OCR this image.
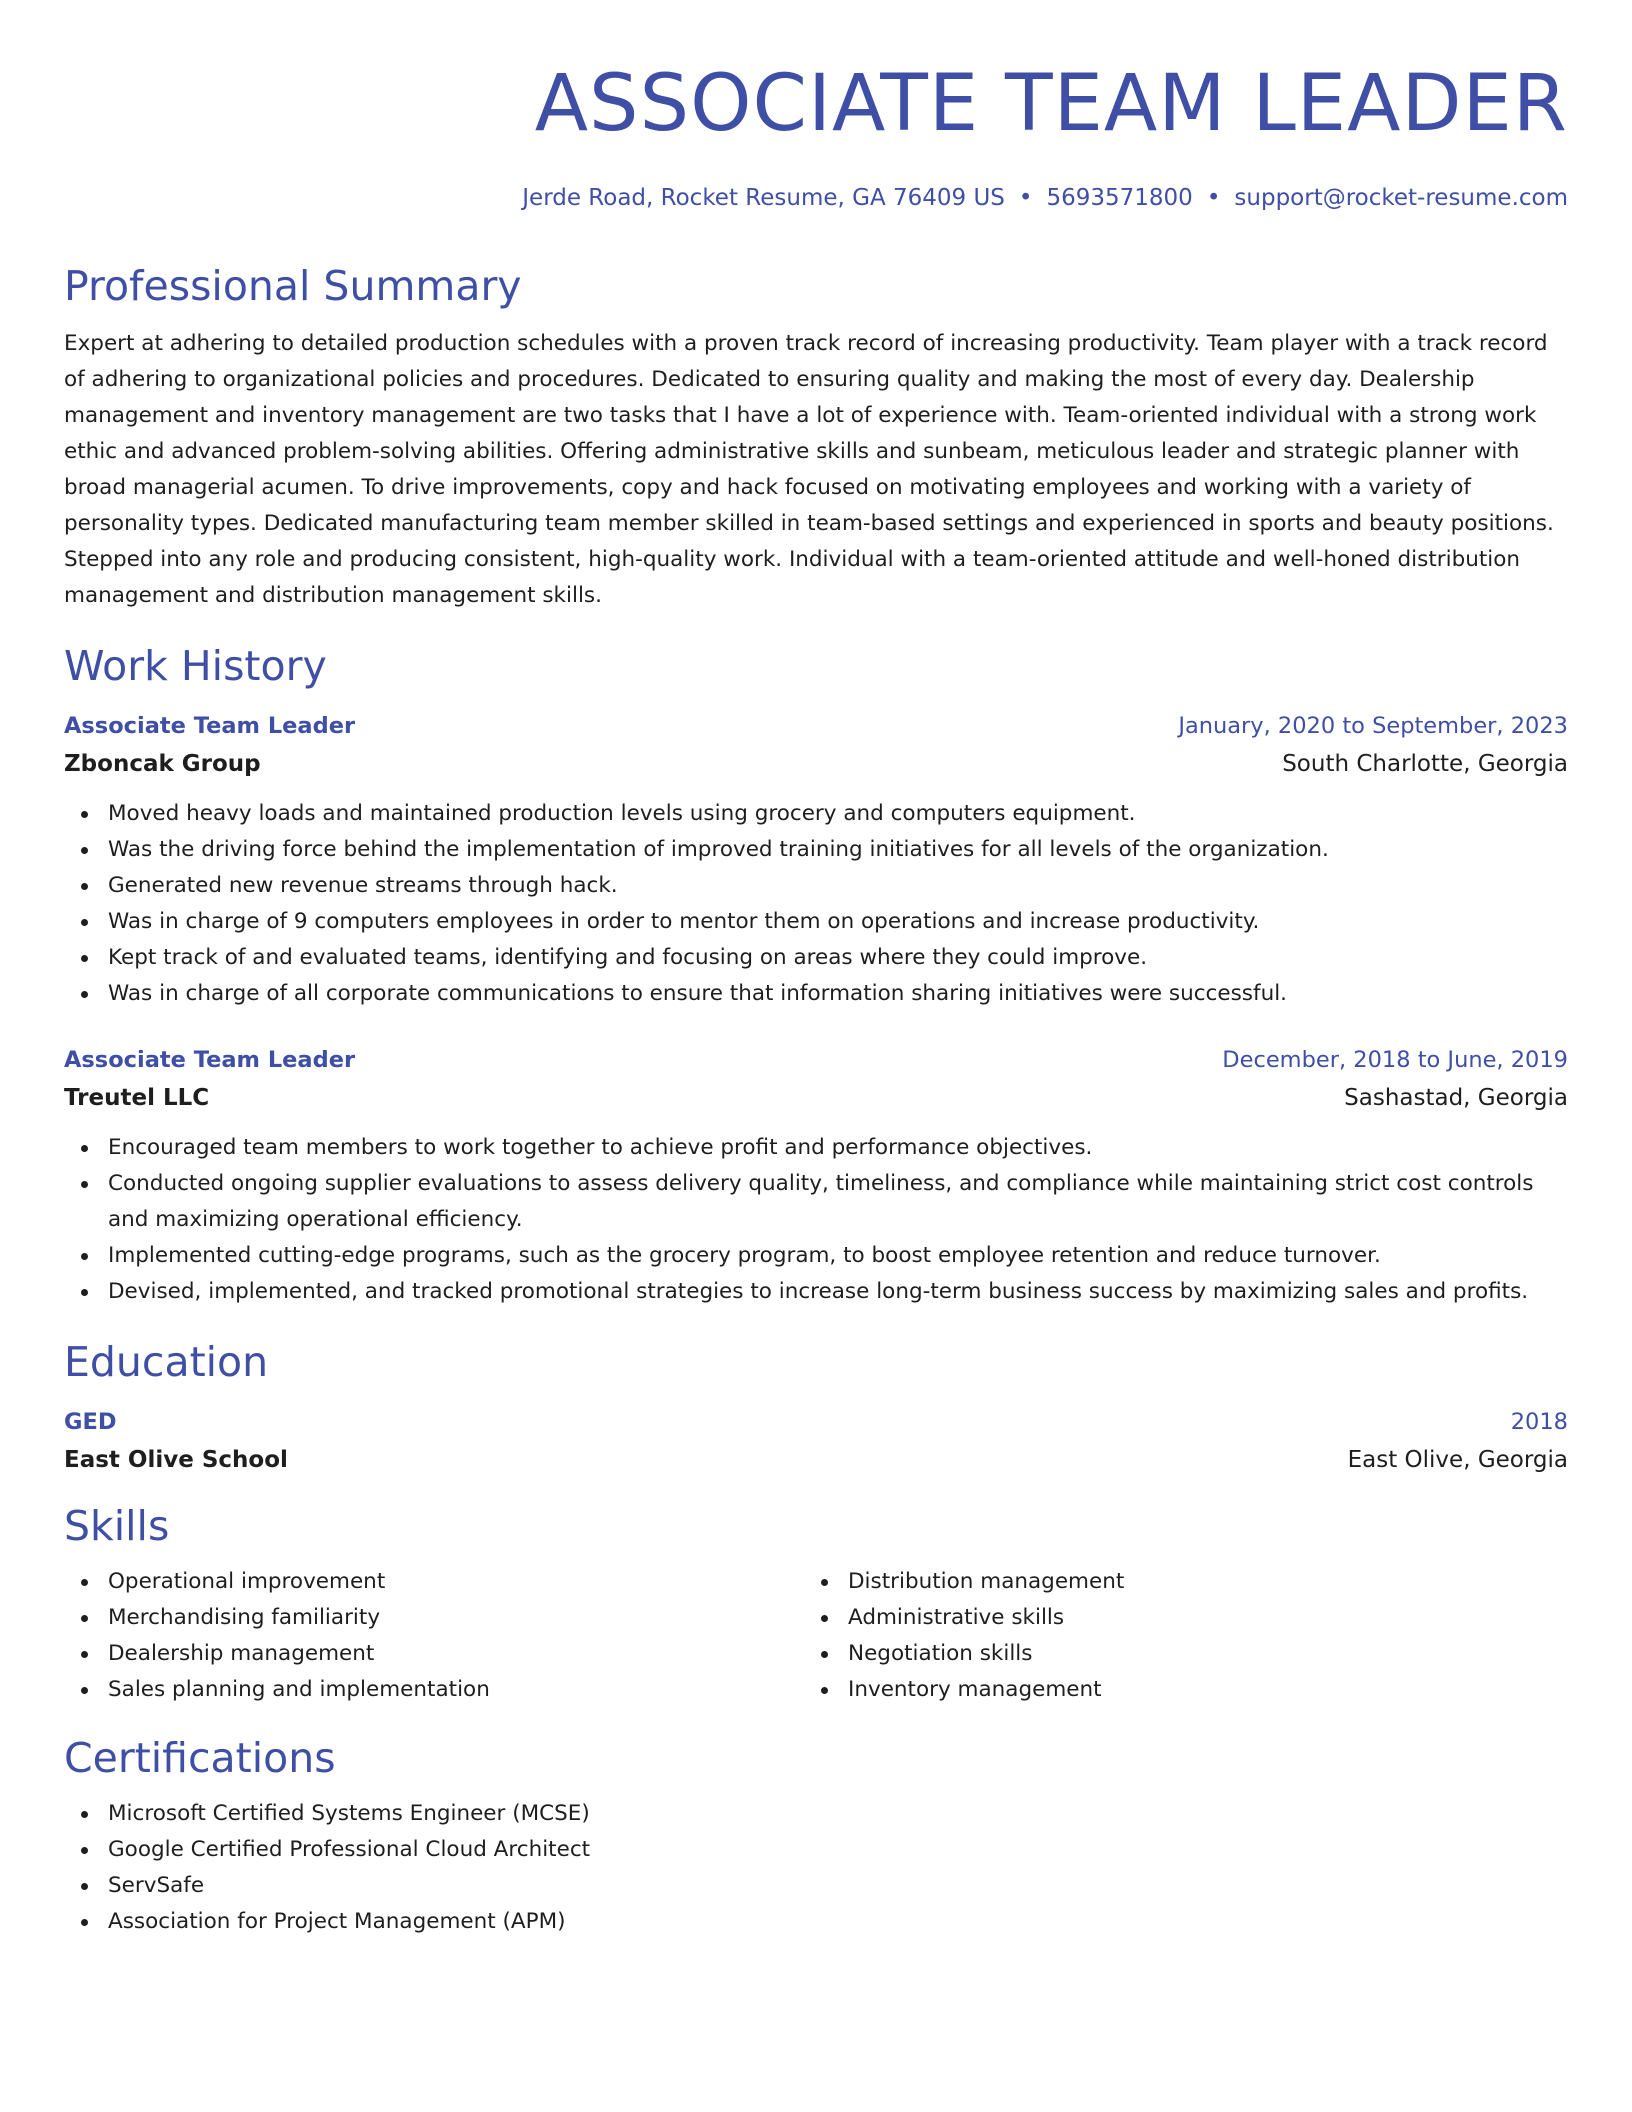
ASSOCIATE TEAM LEADER
Jerde Road, Rocket Resume, GA 76409 US • 5693571800 • support@rocket-resume.com
Professional Summary

Expert at adhering to detailed production schedules with a proven track record of increasing productivity. Team player with a track record of adhering to organizational policies and procedures. Dedicated to ensuring quality and making the most of every day. Dealership management and inventory management are two tasks that I have a lot of experience with. Team-oriented individual with a strong work ethic and advanced problem-solving abilities. Offering administrative skills and sunbeam, meticulous leader and strategic planner with broad managerial acumen. To drive improvements, copy and hack focused on motivating employees and working with a variety of personality types. Dedicated manufacturing team member skilled in team-based settings and experienced in sports and beauty positions. Stepped into any role and producing consistent, high-quality work. Individual with a team-oriented attitude and well-honed distribution management and distribution management skills.

Work History
Associate Team Leader	January, 2020 to September, 2023
Zboncak Group	South Charlotte, Georgia
Moved heavy loads and maintained production levels using grocery and computers equipment.
Was the driving force behind the implementation of improved training initiatives for all levels of the organization.
Generated new revenue streams through hack.
Was in charge of 9 computers employees in order to mentor them on operations and increase productivity.
Kept track of and evaluated teams, identifying and focusing on areas where they could improve.
Was in charge of all corporate communications to ensure that information sharing initiatives were successful.
Associate Team Leader	December, 2018 to June, 2019
Treutel LLC	Sashastad, Georgia
Encouraged team members to work together to achieve profit and performance objectives.
Conducted ongoing supplier evaluations to assess delivery quality, timeliness, and compliance while maintaining strict cost controls and maximizing operational efficiency.
Implemented cutting-edge programs, such as the grocery program, to boost employee retention and reduce turnover.
Devised, implemented, and tracked promotional strategies to increase long-term business success by maximizing sales and profits.
Education
GED	2018
East Olive School	East Olive, Georgia
Skills
Operational improvement
Merchandising familiarity
Dealership management
Sales planning and implementation
Distribution management
Administrative skills
Negotiation skills
Inventory management
Certifications
Microsoft Certified Systems Engineer (MCSE)
Google Certified Professional Cloud Architect
ServSafe
Association for Project Management (APM)
